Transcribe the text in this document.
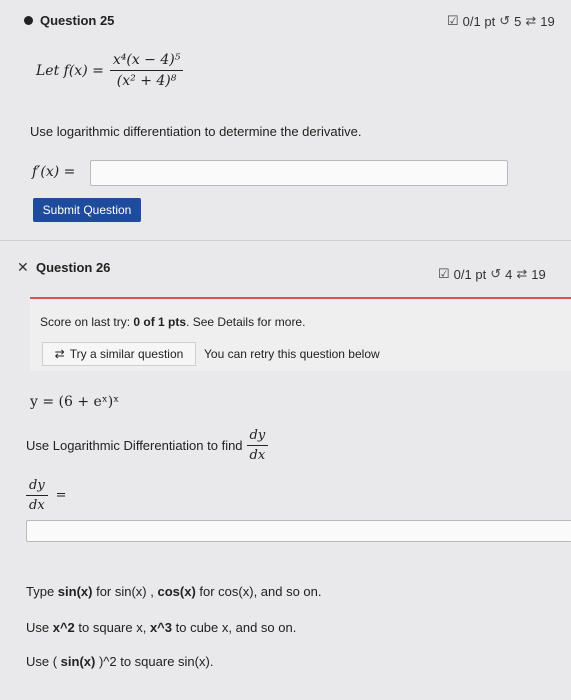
Question 25	☑ 0/1 pt ↺ 5 ⇄ 19
Let $f(x) = \frac{\text{x⁴(x − 4)⁵}}{\text{(x² + 4)⁸}}$
Use logarithmic differentiation to determine the derivative.
f′(x) =
Submit Question
✕ Question 26	☑ 0/1 pt ↺ 4 ⇄ 19
Score on last try: 0 of 1 pts. See Details for more.
⇄ Try a similar question You can retry this question below
y = (6 + eˣ)ˣ
Use Logarithmic Differentiation to find $\frac{dy}{dx}$
$\frac{dy}{dx}$ =
Type sin(x) for sin(x) , cos(x) for cos(x), and so on.
Use x^2 to square x, x^3 to cube x, and so on.
Use ( sin(x) )^2 to square sin(x).
